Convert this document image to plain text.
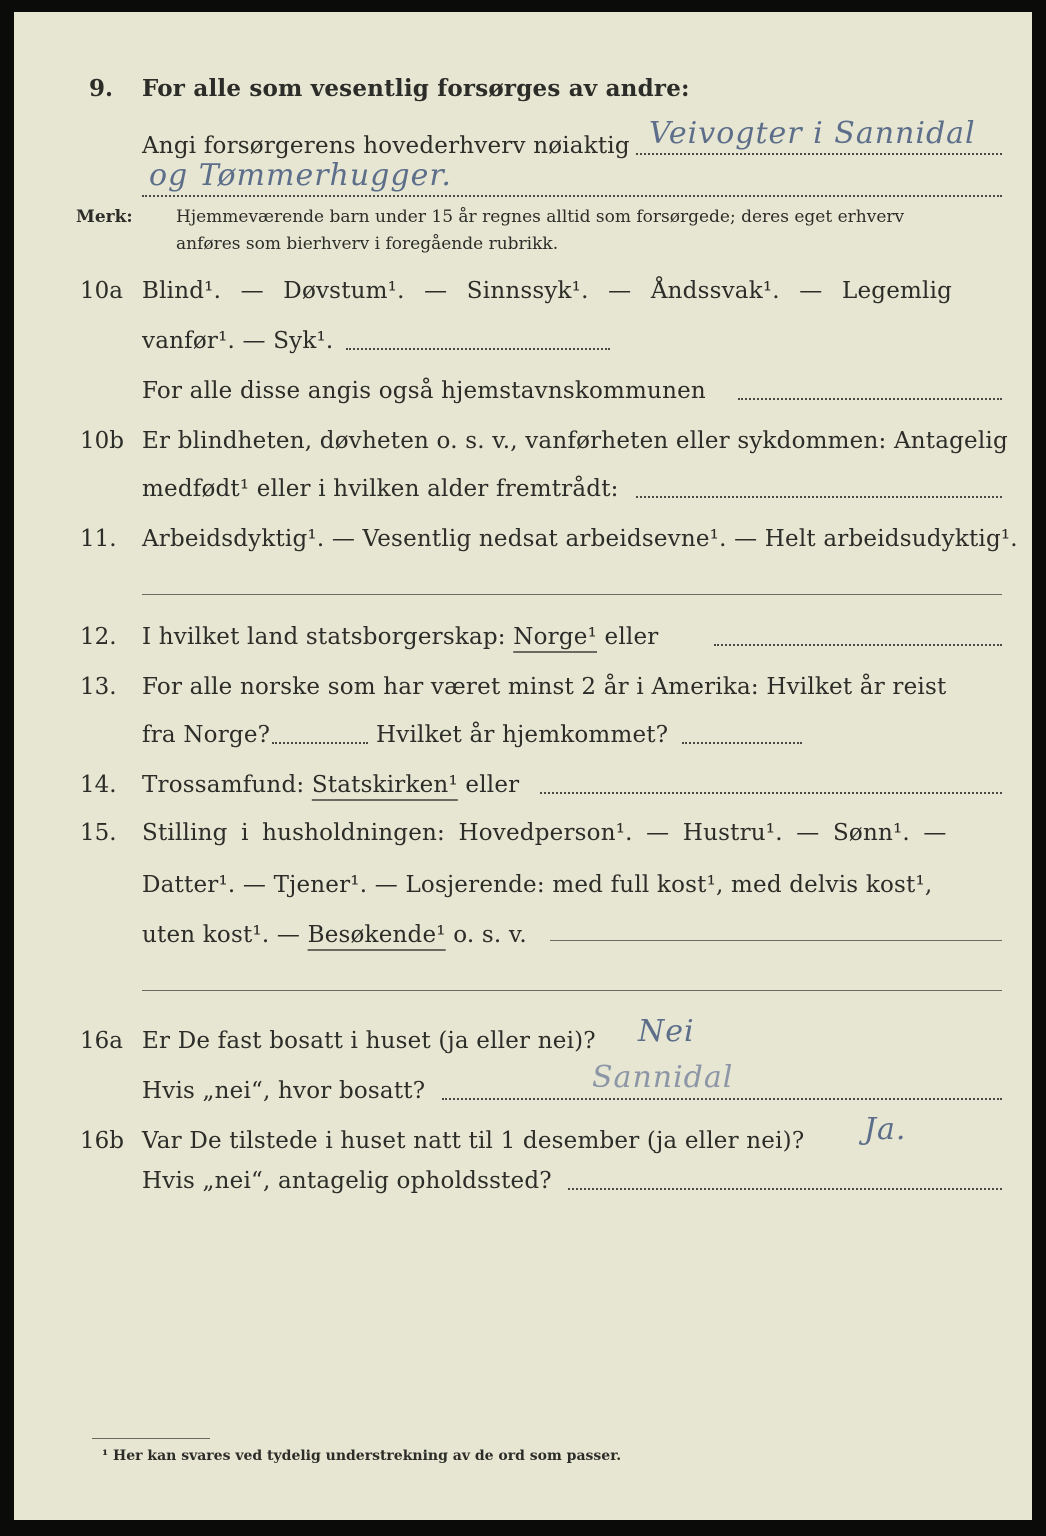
9. For alle som vesentlig forsørges av andre:
Angi forsørgerens hovederhverv nøiaktig Veivogter i Sannidal
og Tømmerhugger.
Merk:	Hjemmeværende barn under 15 år regnes alltid som forsørgede; deres eget erhverv
anføres som bierhverv i foregående rubrikk.
10a Blind¹. — Døvstum¹. — Sinnssyk¹. — Åndssvak¹. — Legemlig
vanfør¹. — Syk¹.
For alle disse angis også hjemstavnskommunen
10b Er blindheten, døvheten o. s. v., vanførheten eller sykdommen: Antagelig
medfødt¹ eller i hvilken alder fremtrådt:
11. Arbeidsdyktig¹. — Vesentlig nedsat arbeidsevne¹. — Helt arbeidsudyktig¹.
12. I hvilket land statsborgerskap: Norge¹ eller
13. For alle norske som har været minst 2 år i Amerika: Hvilket år reist
fra Norge?	Hvilket år hjemkommet?
14. Trossamfund: Statskirken¹ eller
15. Stilling i husholdningen: Hovedperson¹. — Hustru¹. — Sønn¹. —
Datter¹. — Tjener¹. — Losjerende: med full kost¹, med delvis kost¹,
uten kost¹. — Besøkende¹ o. s. v.
16a Er De fast bosatt i huset (ja eller nei)? Nei
Hvis „nei“, hvor bosatt?	Sannidal
16b Var De tilstede i huset natt til 1 desember (ja eller nei)? Ja.
Hvis „nei“, antagelig opholdssted?
¹ Her kan svares ved tydelig understrekning av de ord som passer.
